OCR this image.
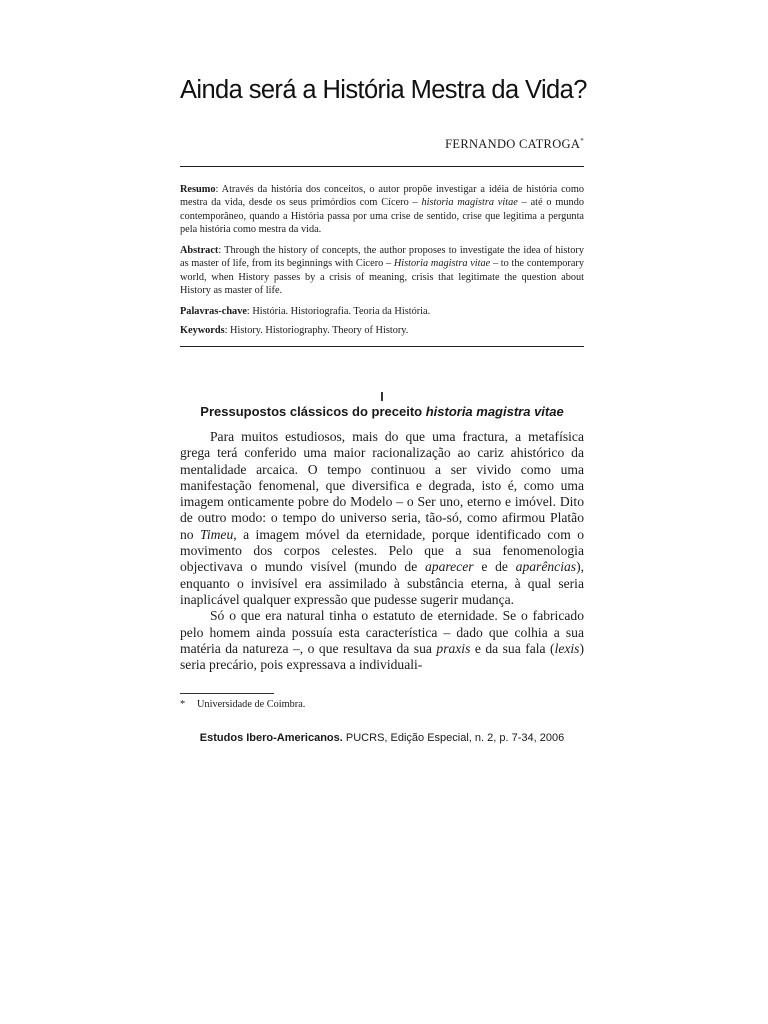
Ainda será a História Mestra da Vida?
FERNANDO CATROGA*
Resumo: Através da história dos conceitos, o autor propõe investigar a idéia de história como mestra da vida, desde os seus primórdios com Cícero – historia magistra vitae – até o mundo contemporâneo, quando a História passa por uma crise de sentido, crise que legitima a pergunta pela história como mestra da vida.
Abstract: Through the history of concepts, the author proposes to investigate the idea of history as master of life, from its beginnings with Cicero – Historia magistra vitae – to the contemporary world, when History passes by a crisis of meaning, crisis that legitimate the question about History as master of life.
Palavras-chave: História. Historiografia. Teoria da História.
Keywords: History. Historiography. Theory of History.
I
Pressupostos clássicos do preceito historia magistra vitae

Para muitos estudiosos, mais do que uma fractura, a metafísica grega terá conferido uma maior racionalização ao cariz ahistórico da mentalidade arcaica. O tempo continuou a ser vivido como uma manifestação fenomenal, que diversifica e degrada, isto é, como uma imagem onticamente pobre do Modelo – o Ser uno, eterno e imóvel. Dito de outro modo: o tempo do universo seria, tão-só, como afirmou Platão no Timeu, a imagem móvel da eternidade, porque identificado com o movimento dos corpos celestes. Pelo que a sua fenomenologia objectivava o mundo visível (mundo de aparecer e de aparências), enquanto o invisível era assimilado à substância eterna, à qual seria inaplicável qualquer expressão que pudesse sugerir mudança.

Só o que era natural tinha o estatuto de eternidade. Se o fabricado pelo homem ainda possuía esta característica – dado que colhia a sua matéria da natureza –, o que resultava da sua praxis e da sua fala (lexis) seria precário, pois expressava a individuali-

* Universidade de Coimbra.
Estudos Ibero-Americanos. PUCRS, Edição Especial, n. 2, p. 7-34, 2006
